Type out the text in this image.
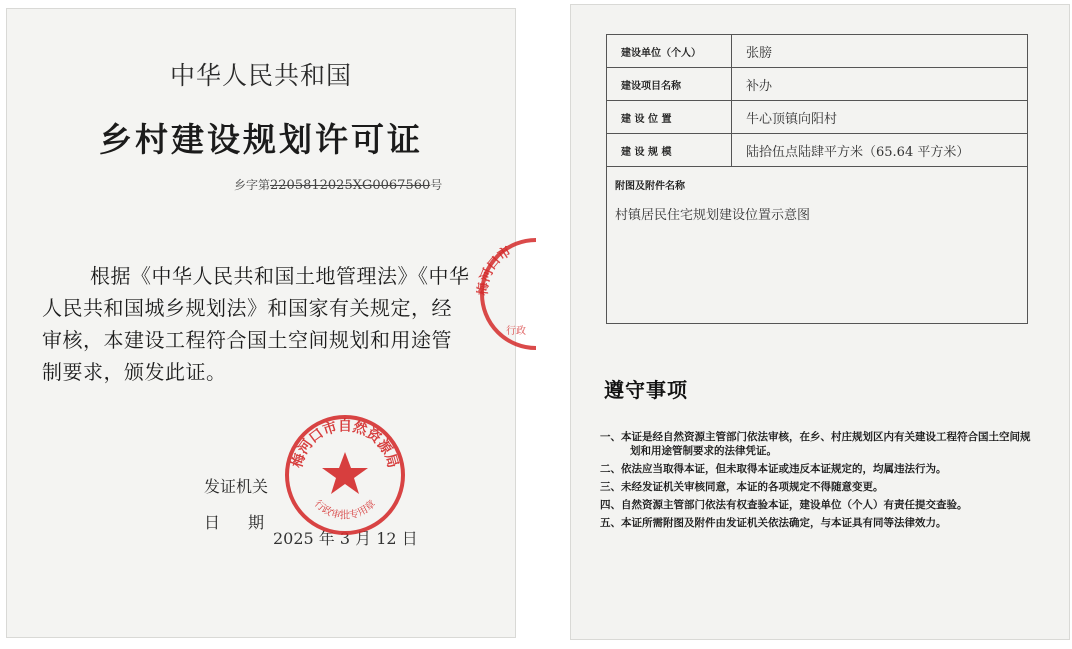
中华人民共和国
乡村建设规划许可证
乡字第2205812025XG0067560号
根据《中华人民共和国土地管理法》《中华人民共和国城乡规划法》和国家有关规定，经审核，本建设工程符合国土空间规划和用途管制要求，颁发此证。
发证机关
日期
2025 年 3 月 12 日
梅河口市自然资源局
行政审批专用章
梅河口市
行政
建设单位（个人）	张膀
建设项目名称	补办
建 设 位 置	牛心顶镇向阳村
建 设 规 模	陆拾伍点陆肆平方米（65.64 平方米）

附图及附件名称
村镇居民住宅规划建设位置示意图	
遵守事项
一、本证是经自然资源主管部门依法审核，在乡、村庄规划区内有关建设工程符合国土空间规划和用途管制要求的法律凭证。
二、依法应当取得本证，但未取得本证或违反本证规定的，均属违法行为。
三、未经发证机关审核同意，本证的各项规定不得随意变更。
四、自然资源主管部门依法有权查验本证，建设单位（个人）有责任提交查验。
五、本证所需附图及附件由发证机关依法确定，与本证具有同等法律效力。
